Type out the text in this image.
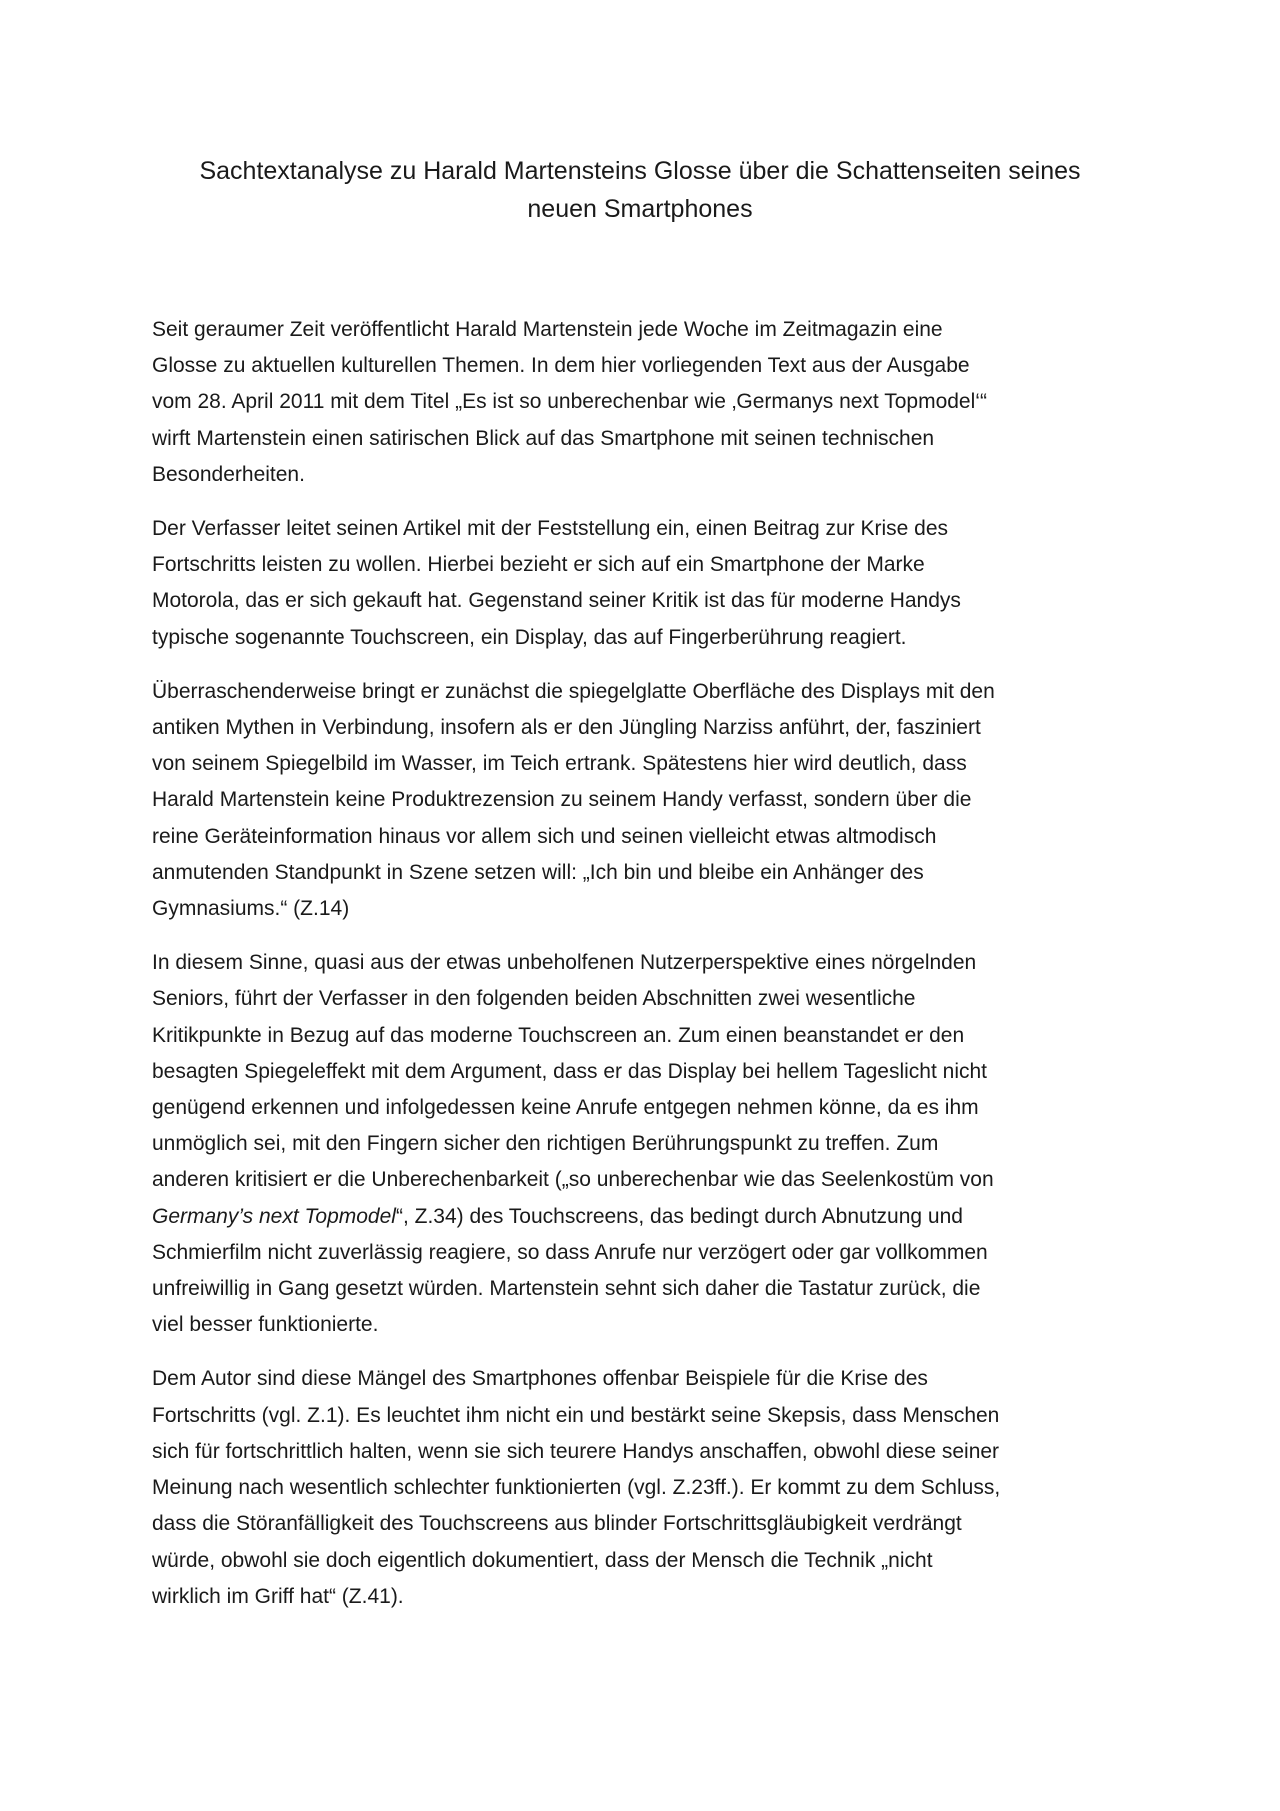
Sachtextanalyse zu Harald Martensteins Glosse über die Schattenseiten seines
neuen Smartphones

Seit geraumer Zeit veröffentlicht Harald Martenstein jede Woche im Zeitmagazin eine
Glosse zu aktuellen kulturellen Themen. In dem hier vorliegenden Text aus der Ausgabe
vom 28. April 2011 mit dem Titel „Es ist so unberechenbar wie ‚Germanys next Topmodel‘“
wirft Martenstein einen satirischen Blick auf das Smartphone mit seinen technischen
Besonderheiten.

Der Verfasser leitet seinen Artikel mit der Feststellung ein, einen Beitrag zur Krise des
Fortschritts leisten zu wollen. Hierbei bezieht er sich auf ein Smartphone der Marke
Motorola, das er sich gekauft hat. Gegenstand seiner Kritik ist das für moderne Handys
typische sogenannte Touchscreen, ein Display, das auf Fingerberührung reagiert.

Überraschenderweise bringt er zunächst die spiegelglatte Oberfläche des Displays mit den
antiken Mythen in Verbindung, insofern als er den Jüngling Narziss anführt, der, fasziniert
von seinem Spiegelbild im Wasser, im Teich ertrank. Spätestens hier wird deutlich, dass
Harald Martenstein keine Produktrezension zu seinem Handy verfasst, sondern über die
reine Geräteinformation hinaus vor allem sich und seinen vielleicht etwas altmodisch
anmutenden Standpunkt in Szene setzen will: „Ich bin und bleibe ein Anhänger des
Gymnasiums.“ (Z.14)

In diesem Sinne, quasi aus der etwas unbeholfenen Nutzerperspektive eines nörgelnden
Seniors, führt der Verfasser in den folgenden beiden Abschnitten zwei wesentliche
Kritikpunkte in Bezug auf das moderne Touchscreen an. Zum einen beanstandet er den
besagten Spiegeleffekt mit dem Argument, dass er das Display bei hellem Tageslicht nicht
genügend erkennen und infolgedessen keine Anrufe entgegen nehmen könne, da es ihm
unmöglich sei, mit den Fingern sicher den richtigen Berührungspunkt zu treffen. Zum
anderen kritisiert er die Unberechenbarkeit („so unberechenbar wie das Seelenkostüm von
Germany’s next Topmodel“, Z.34) des Touchscreens, das bedingt durch Abnutzung und
Schmierfilm nicht zuverlässig reagiere, so dass Anrufe nur verzögert oder gar vollkommen
unfreiwillig in Gang gesetzt würden. Martenstein sehnt sich daher die Tastatur zurück, die
viel besser funktionierte.

Dem Autor sind diese Mängel des Smartphones offenbar Beispiele für die Krise des
Fortschritts (vgl. Z.1). Es leuchtet ihm nicht ein und bestärkt seine Skepsis, dass Menschen
sich für fortschrittlich halten, wenn sie sich teurere Handys anschaffen, obwohl diese seiner
Meinung nach wesentlich schlechter funktionierten (vgl. Z.23ff.). Er kommt zu dem Schluss,
dass die Störanfälligkeit des Touchscreens aus blinder Fortschrittsgläubigkeit verdrängt
würde, obwohl sie doch eigentlich dokumentiert, dass der Mensch die Technik „nicht
wirklich im Griff hat“ (Z.41).
